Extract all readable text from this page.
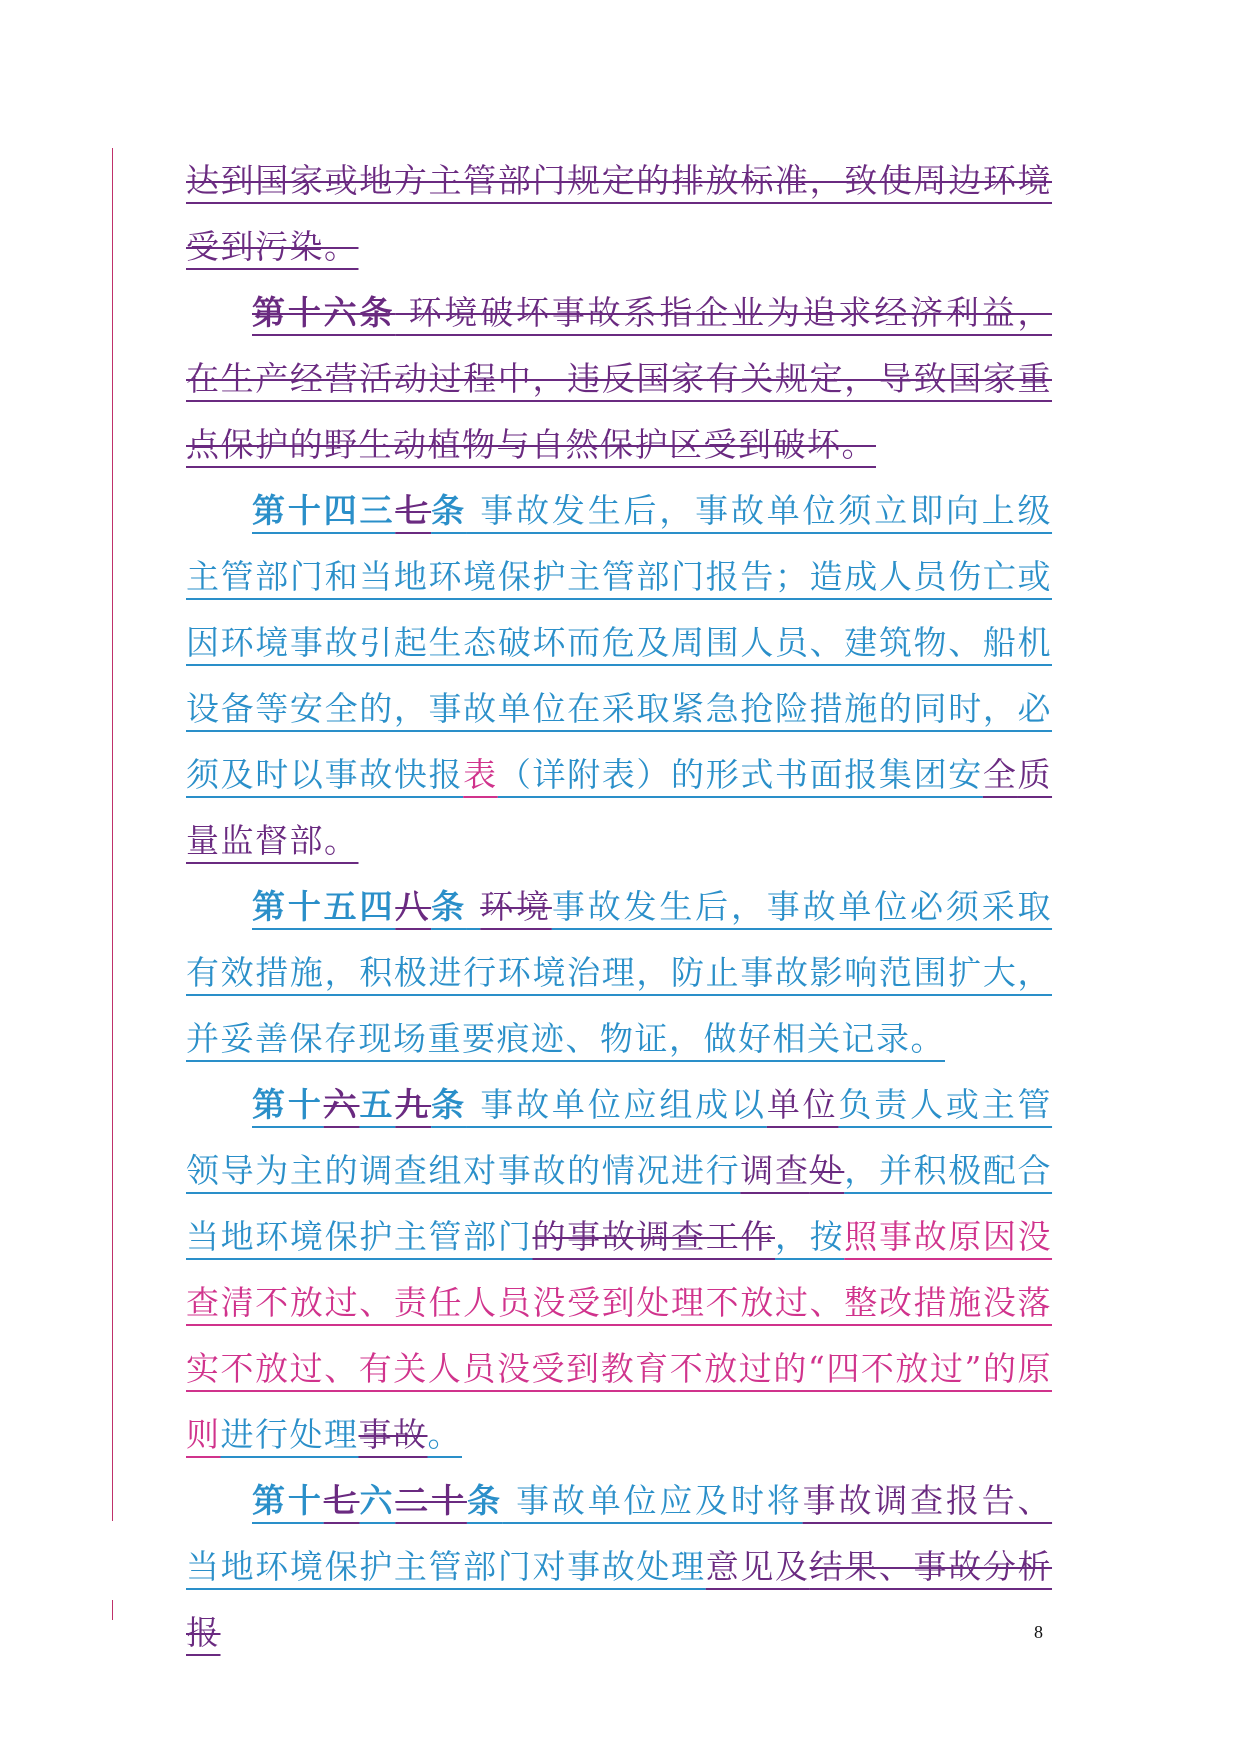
达到国家或地方主管部门规定的排放标准，致使周边环境受到污染。

第十六条 环境破坏事故系指企业为追求经济利益，在生产经营活动过程中，违反国家有关规定，导致国家重点保护的野生动植物与自然保护区受到破坏。

第十四三七条 事故发生后，事故单位须立即向上级主管部门和当地环境保护主管部门报告；造成人员伤亡或因环境事故引起生态破坏而危及周围人员、建筑物、船机设备等安全的，事故单位在采取紧急抢险措施的同时，必须及时以事故快报表（详附表）的形式书面报集团安全质量监督部。

第十五四八条 环境事故发生后，事故单位必须采取有效措施，积极进行环境治理，防止事故影响范围扩大，并妥善保存现场重要痕迹、物证，做好相关记录。

第十六五九条 事故单位应组成以单位负责人或主管领导为主的调查组对事故的情况进行调查处，并积极配合当地环境保护主管部门的事故调查工作，按照事故原因没查清不放过、责任人员没受到处理不放过、整改措施没落实不放过、有关人员没受到教育不放过的“四不放过”的原则进行处理事故。

第十七六二十条 事故单位应及时将事故调查报告、当地环境保护主管部门对事故处理意见及结果、事故分析报	8
